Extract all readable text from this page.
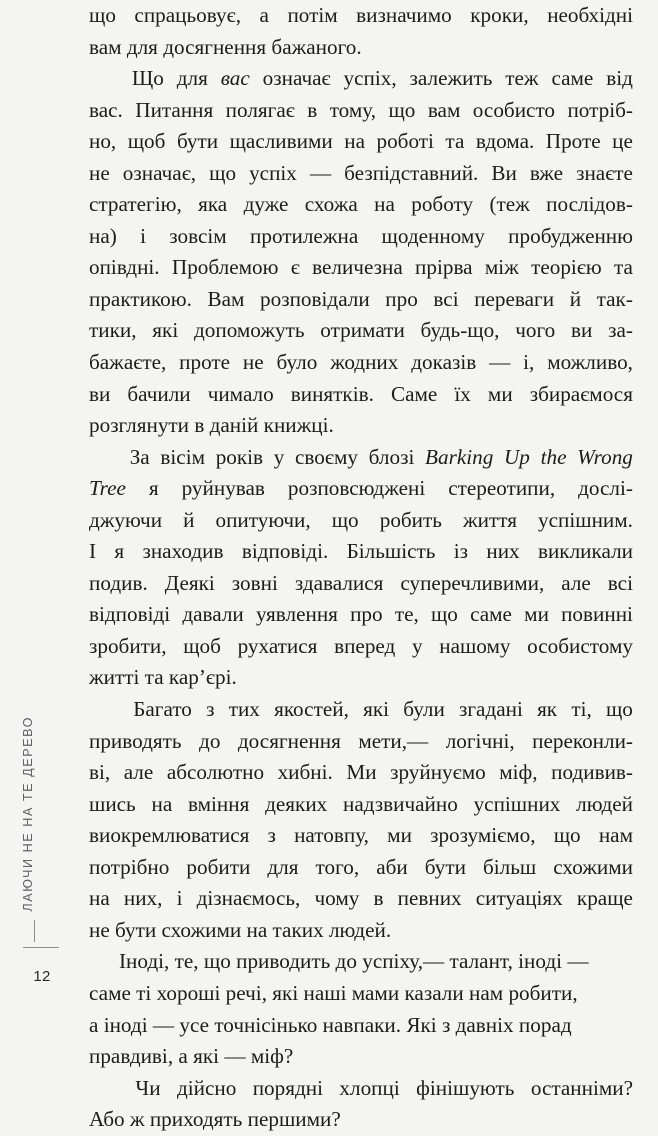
ЛАЮЧИ НЕ НА ТЕ ДЕРЕВО
12
що спрацьовує, а потім визначимо кроки, необхідні
вам для досягнення бажаного.
Що для вас означає успіх, залежить теж саме від
вас. Питання полягає в тому, що вам особисто потріб-
но, щоб бути щасливими на роботі та вдома. Проте це
не означає, що успіх — безпідставний. Ви вже знаєте
стратегію, яка дуже схожа на роботу (теж послідов-
на) і зовсім протилежна щоденному пробудженню
опівдні. Проблемою є величезна прірва між теорією та
практикою. Вам розповідали про всі переваги й так-
тики, які допоможуть отримати будь-що, чого ви за-
бажаєте, проте не було жодних доказів — і, можливо,
ви бачили чимало винятків. Саме їх ми збираємося
розглянути в даній книжці.
За вісім років у своєму блозі Barking Up the Wrong
Tree я руйнував розповсюджені стереотипи, дослі-
джуючи й опитуючи, що робить життя успішним.
І я знаходив відповіді. Більшість із них викликали
подив. Деякі зовні здавалися суперечливими, але всі
відповіді давали уявлення про те, що саме ми повинні
зробити, щоб рухатися вперед у нашому особистому
житті та кар’єрі.
Багато з тих якостей, які були згадані як ті, що
приводять до досягнення мети,— логічні, переконли-
ві, але абсолютно хибні. Ми зруйнуємо міф, подивив-
шись на вміння деяких надзвичайно успішних людей
виокремлюватися з натовпу, ми зрозуміємо, що нам
потрібно робити для того, аби бути більш схожими
на них, і дізнаємось, чому в певних ситуаціях краще
не бути схожими на таких людей.
Іноді, те, що приводить до успіху,— талант, іноді —
саме ті хороші речі, які наші мами казали нам робити,
а іноді — усе точнісінько навпаки. Які з давніх порад
правдиві, а які — міф?
Чи дійсно порядні хлопці фінішують останніми?
Або ж приходять першими?
